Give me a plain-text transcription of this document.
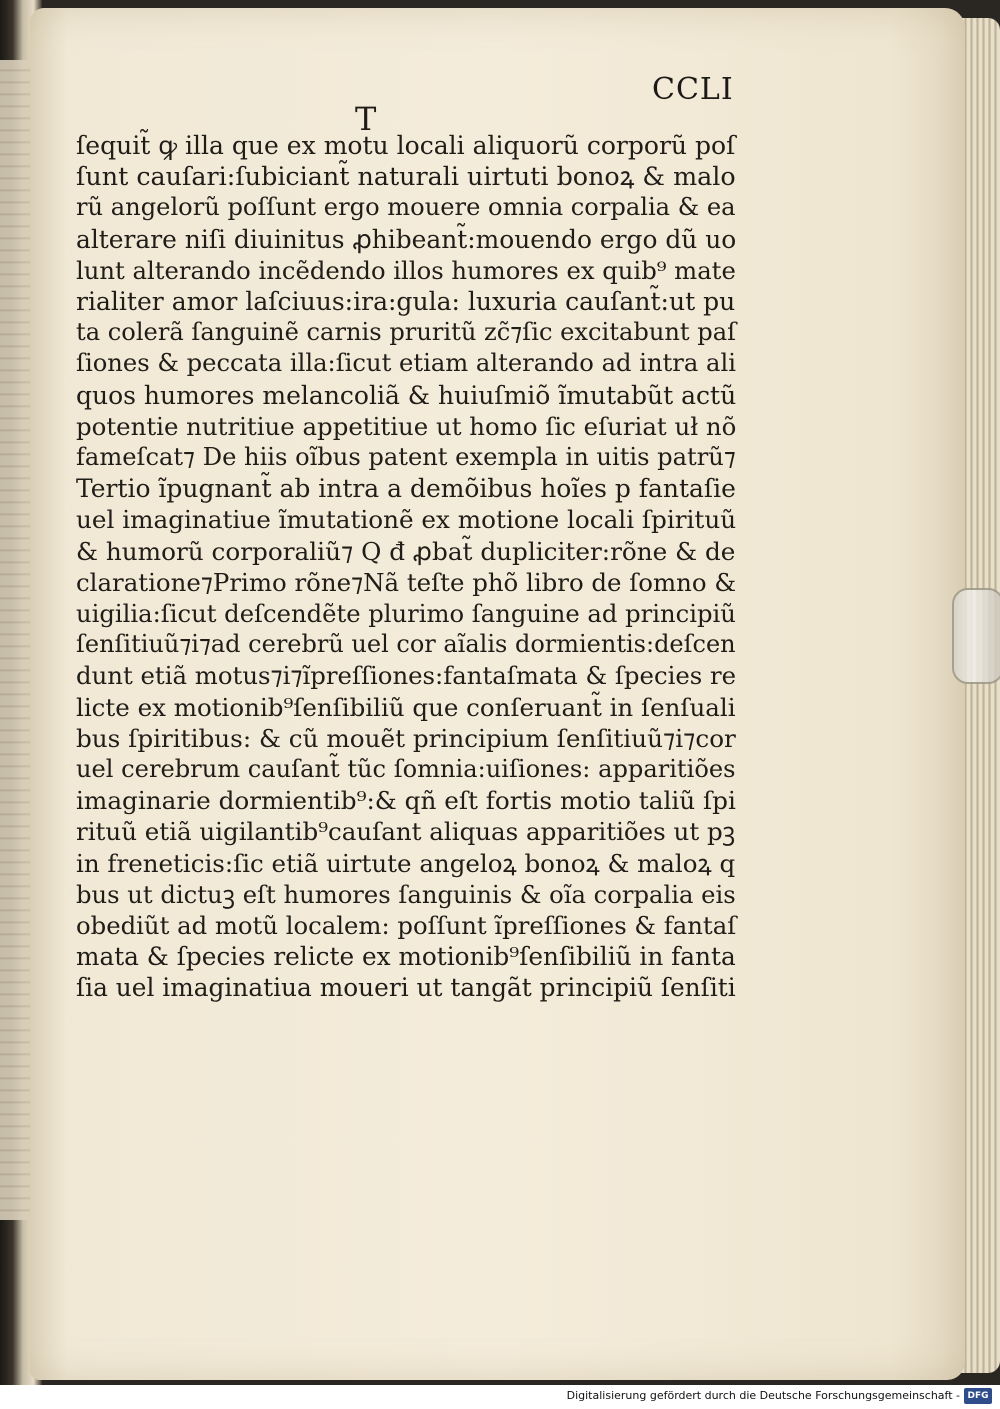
CCLI
T
ſequit̃ ꝙ illa que ex motu locali aliquorũ corporũ poſ
ſunt cauſari:ſubiciant̃ naturali uirtuti bonoꝝ & malo
rũ angelorũ poſſunt ergo mouere omnia corpalia & ea
alterare niſi diuinitus ꝓhibeant̃:mouendo ergo dũ uo
lunt alterando incẽdendo illos humores ex quib⁹ mate
rialiter amor laſciuus:ira:gula: luxuria cauſant̃:ut pu
ta colerã ſanguinẽ carnis pruritũ zc̃⁊ſic excitabunt paſ
ſiones & peccata illa:ſicut etiam alterando ad intra ali
quos humores melancoliã & huiuſmiõ ĩmutabũt actũ
potentie nutritiue appetitiue ut homo ſic eſuriat uł nõ
fameſcat⁊ De hiis oĩbus patent exempla in uitis patrũ⁊
Tertio ĩpugnant̃ ab intra a demõibus hoĩes p fantaſie
uel imaginatiue ĩmutationẽ ex motione locali ſpirituũ
& humorũ corporaliũ⁊ Q đ ꝓbat̃ dupliciter:rõne & de
claratione⁊Primo rõne⁊Nã teſte phõ libro de ſomno &
uigilia:ſicut deſcendẽte plurimo ſanguine ad principiũ
ſenſitiuũ⁊i⁊ad cerebrũ uel cor aĩalis dormientis:deſcen
dunt etiã motus⁊i⁊ĩpreſſiones:fantaſmata & ſpecies re
licte ex motionib⁹ſenſibiliũ que conſeruant̃ in ſenſuali
bus ſpiritibus: & cũ mouẽt principium ſenſitiuũ⁊i⁊cor
uel cerebrum cauſant̃ tũc ſomnia:uiſiones: apparitiões
imaginarie dormientib⁹:& qñ eſt fortis motio taliũ ſpi
rituũ etiã uigilantib⁹cauſant aliquas apparitiões ut pꝫ
in freneticis:ſic etiã uirtute angeloꝝ bonoꝝ & maloꝝ q
bus ut dictuꝫ eſt humores ſanguinis & oĩa corpalia eis
obediũt ad motũ localem: poſſunt ĩpreſſiones & fantaſ
mata & ſpecies relicte ex motionib⁹ſenſibiliũ in fanta
ſia uel imaginatiua moueri ut tangãt principiũ ſenſiti
Digitalisierung gefördert durch die Deutsche Forschungsgemeinschaft - DFG
